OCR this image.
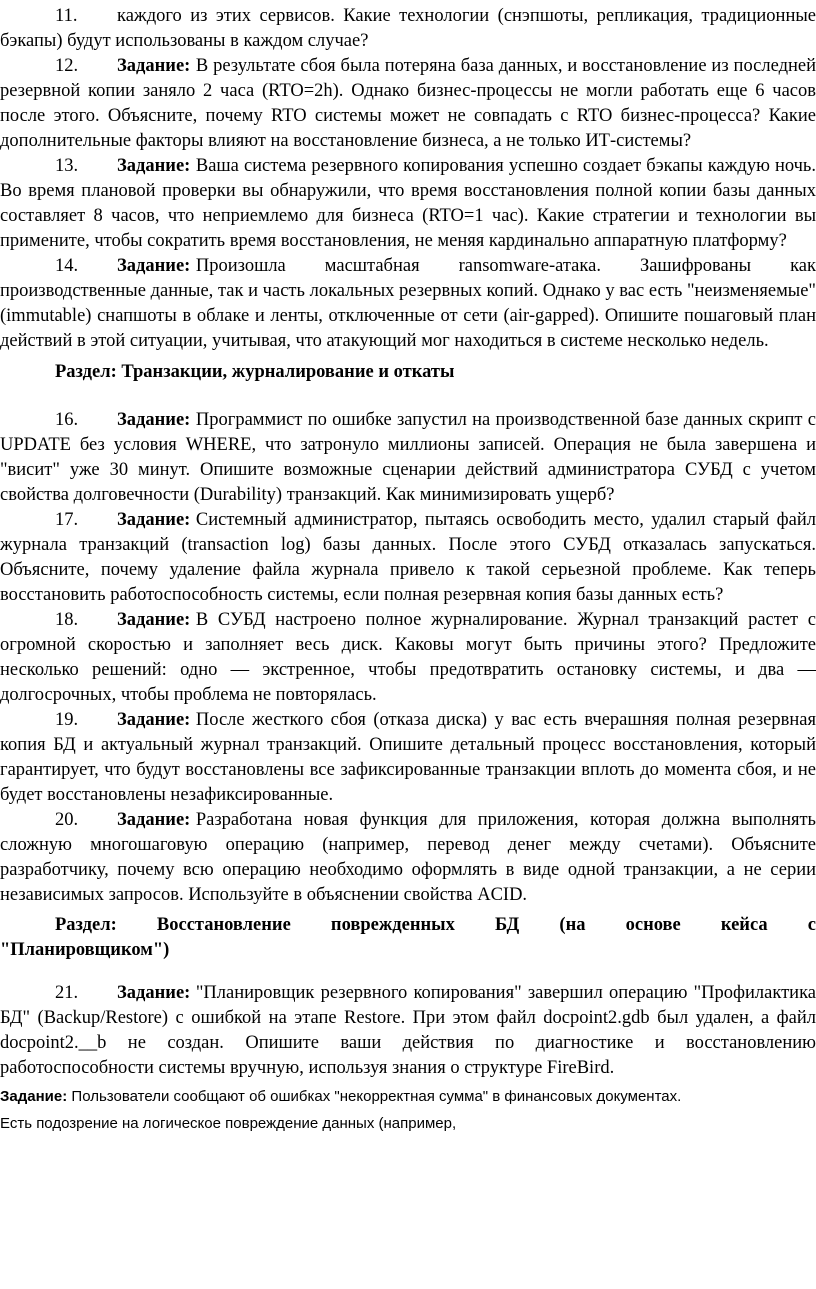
11. каждого из этих сервисов. Какие технологии (снэпшоты, репликация, традиционные бэкапы) будут использованы в каждом случае?

12. Задание: В результате сбоя была потеряна база данных, и восстановление из последней резервной копии заняло 2 часа (RTO=2h). Однако бизнес-процессы не могли работать еще 6 часов после этого. Объясните, почему RTO системы может не совпадать с RTO бизнес-процесса? Какие дополнительные факторы влияют на восстановление бизнеса, а не только ИТ-системы?

13. Задание: Ваша система резервного копирования успешно создает бэкапы каждую ночь. Во время плановой проверки вы обнаружили, что время восстановления полной копии базы данных составляет 8 часов, что неприемлемо для бизнеса (RTO=1 час). Какие стратегии и технологии вы примените, чтобы сократить время восстановления, не меняя кардинально аппаратную платформу?

14. Задание: Произошла масштабная ransomware-атака. Зашифрованы как производственные данные, так и часть локальных резервных копий. Однако у вас есть "неизменяемые" (immutable) снапшоты в облаке и ленты, отключенные от сети (air-gapped). Опишите пошаговый план действий в этой ситуации, учитывая, что атакующий мог находиться в системе несколько недель.

Раздел: Транзакции, журналирование и откаты

16. Задание: Программист по ошибке запустил на производственной базе данных скрипт с UPDATE без условия WHERE, что затронуло миллионы записей. Операция не была завершена и "висит" уже 30 минут. Опишите возможные сценарии действий администратора СУБД с учетом свойства долговечности (Durability) транзакций. Как минимизировать ущерб?

17. Задание: Системный администратор, пытаясь освободить место, удалил старый файл журнала транзакций (transaction log) базы данных. После этого СУБД отказалась запускаться. Объясните, почему удаление файла журнала привело к такой серьезной проблеме. Как теперь восстановить работоспособность системы, если полная резервная копия базы данных есть?

18. Задание: В СУБД настроено полное журналирование. Журнал транзакций растет с огромной скоростью и заполняет весь диск. Каковы могут быть причины этого? Предложите несколько решений: одно — экстренное, чтобы предотвратить остановку системы, и два — долгосрочных, чтобы проблема не повторялась.

19. Задание: После жесткого сбоя (отказа диска) у вас есть вчерашняя полная резервная копия БД и актуальный журнал транзакций. Опишите детальный процесс восстановления, который гарантирует, что будут восстановлены все зафиксированные транзакции вплоть до момента сбоя, и не будет восстановлены незафиксированные.

20. Задание: Разработана новая функция для приложения, которая должна выполнять сложную многошаговую операцию (например, перевод денег между счетами). Объясните разработчику, почему всю операцию необходимо оформлять в виде одной транзакции, а не серии независимых запросов. Используйте в объяснении свойства ACID.

Раздел: Восстановление поврежденных БД (на основе кейса с
"Планировщиком")

21. Задание: "Планировщик резервного копирования" завершил операцию "Профилактика БД" (Backup/Restore) с ошибкой на этапе Restore. При этом файл docpoint2.gdb был удален, а файл docpoint2.__b не создан. Опишите ваши действия по диагностике и восстановлению работоспособности системы вручную, используя знания о структуре FireBird.

Задание: Пользователи сообщают об ошибках "некорректная сумма" в финансовых документах.
Есть подозрение на логическое повреждение данных (например,
